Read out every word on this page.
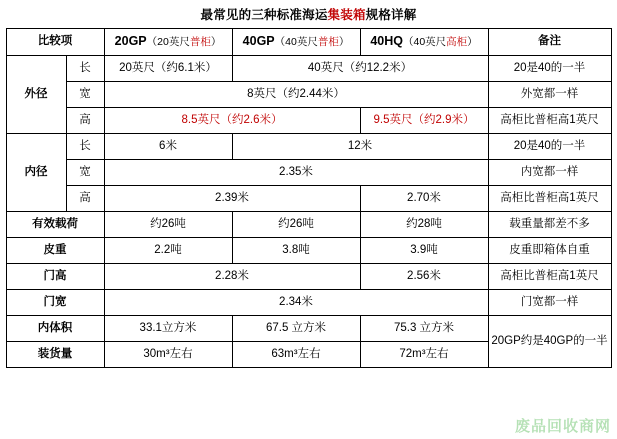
最常见的三种标准海运集装箱规格详解
比较项		20GP（20英尺普柜）	40GP（40英尺普柜）	40HQ（40英尺高柜）	备注
外径	长	20英尺（约6.1米）	40英尺（约12.2米）		20是40的一半
	宽	8英尺（约2.44米）			外宽都一样
	高	8.5英尺（约2.6米）		9.5英尺（约2.9米）	高柜比普柜高1英尺
内径	长	6米	12米		20是40的一半
	宽	2.35米			内宽都一样
	高	2.39米		2.70米	高柜比普柜高1英尺
有效载荷		约26吨	约26吨	约28吨	载重量都差不多
皮重		2.2吨	3.8吨	3.9吨	皮重即箱体自重
门高		2.28米		2.56米	高柜比普柜高1英尺
门宽		2.34米			门宽都一样
内体积		33.1立方米	67.5 立方米	75.3 立方米	20GP约是40GP的一半
装货量		30m³左右	63m³左右	72m³左右	
废品回收商网
